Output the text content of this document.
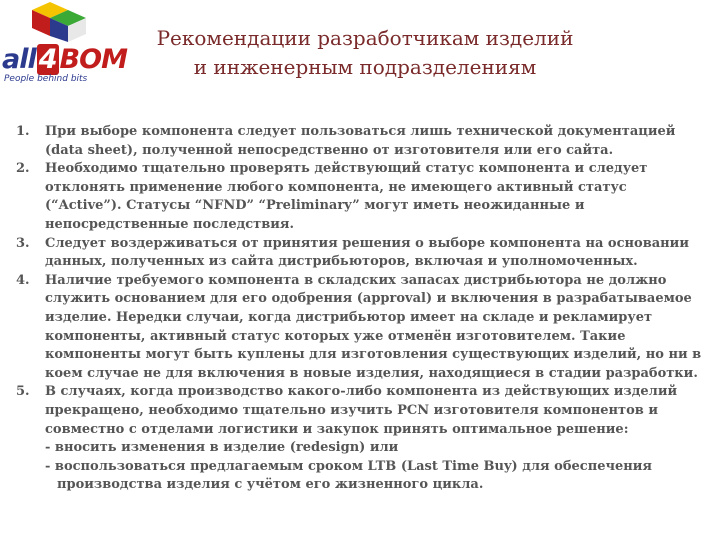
all 4 BOM
People behind bits
Рекомендации разработчикам изделий
и инженерным подразделениям
1. При выборе компонента следует пользоваться лишь технической документацией (data sheet), полученной непосредственно от изготовителя или его сайта.
2. Необходимо тщательно проверять действующий статус компонента и следует отклонять применение любого компонента, не имеющего активный статус (“Active”). Статусы “NFND” “Preliminary” могут иметь неожиданные и непосредственные последствия.
3. Следует воздерживаться от принятия решения о выборе компонента на основании данных, полученных из сайта дистрибьюторов, включая и уполномоченных.
4. Наличие требуемого компонента в складских запасах дистрибьютора не должно служить основанием для его одобрения (approval) и включения в разрабатываемое изделие. Нередки случаи, когда дистрибьютор имеет на складе и рекламирует компоненты, активный статус которых уже отменён изготовителем. Такие компоненты могут быть куплены для изготовления существующих изделий, но ни в коем случае не для включения в новые изделия, находящиеся в стадии разработки.
5. В случаях, когда производство какого-либо компонента из действующих изделий прекращено, необходимо тщательно изучить PCN изготовителя компонентов и совместно с отделами логистики и закупок принять оптимальное решение:
- вносить изменения в изделие (redesign) или
- воспользоваться предлагаемым сроком LTB (Last Time Buy) для обеспечения
производства изделия с учётом его жизненного цикла.
